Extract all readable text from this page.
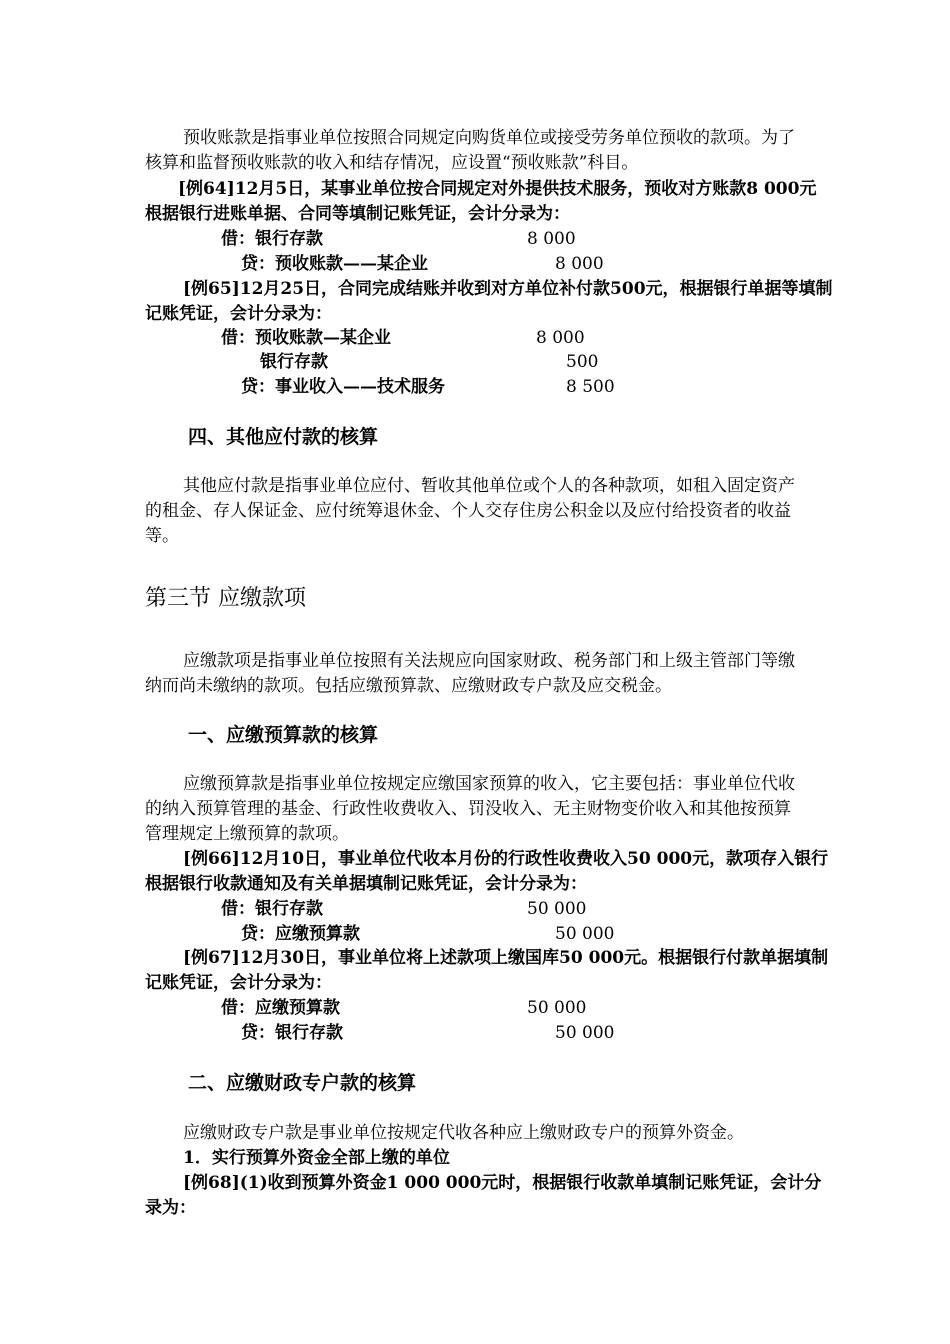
预收账款是指事业单位按照合同规定向购货单位或接受劳务单位预收的款项。为了
核算和监督预收账款的收入和结存情况，应设置“预收账款”科目。
[例64]12月5日，某事业单位按合同规定对外提供技术服务，预收对方账款8 000元
根据银行进账单据、合同等填制记账凭证，会计分录为：
借：银行存款	8 000
贷：预收账款——某企业	8 000
[例65]12月25日，合同完成结账并收到对方单位补付款500元，根据银行单据等填制
记账凭证，会计分录为：
借：预收账款—某企业	8 000
银行存款	500
贷：事业收入——技术服务	8 500
四、其他应付款的核算
其他应付款是指事业单位应付、暂收其他单位或个人的各种款项，如租入固定资产
的租金、存人保证金、应付统筹退休金、个人交存住房公积金以及应付给投资者的收益
等。
第三节 应缴款项
应缴款项是指事业单位按照有关法规应向国家财政、税务部门和上级主管部门等缴
纳而尚未缴纳的款项。包括应缴预算款、应缴财政专户款及应交税金。
一、应缴预算款的核算
应缴预算款是指事业单位按规定应缴国家预算的收入，它主要包括：事业单位代收
的纳入预算管理的基金、行政性收费收入、罚没收入、无主财物变价收入和其他按预算
管理规定上缴预算的款项。
[例66]12月10日，事业单位代收本月份的行政性收费收入50 000元，款项存入银行
根据银行收款通知及有关单据填制记账凭证，会计分录为：
借：银行存款	50 000
贷：应缴预算款	50 000
[例67]12月30日，事业单位将上述款项上缴国库50 000元。根据银行付款单据填制
记账凭证，会计分录为：
借：应缴预算款	50 000
贷：银行存款	50 000
二、应缴财政专户款的核算
应缴财政专户款是事业单位按规定代收各种应上缴财政专户的预算外资金。
1．实行预算外资金全部上缴的单位
[例68](1)收到预算外资金1 000 000元时，根据银行收款单填制记账凭证，会计分
录为：
